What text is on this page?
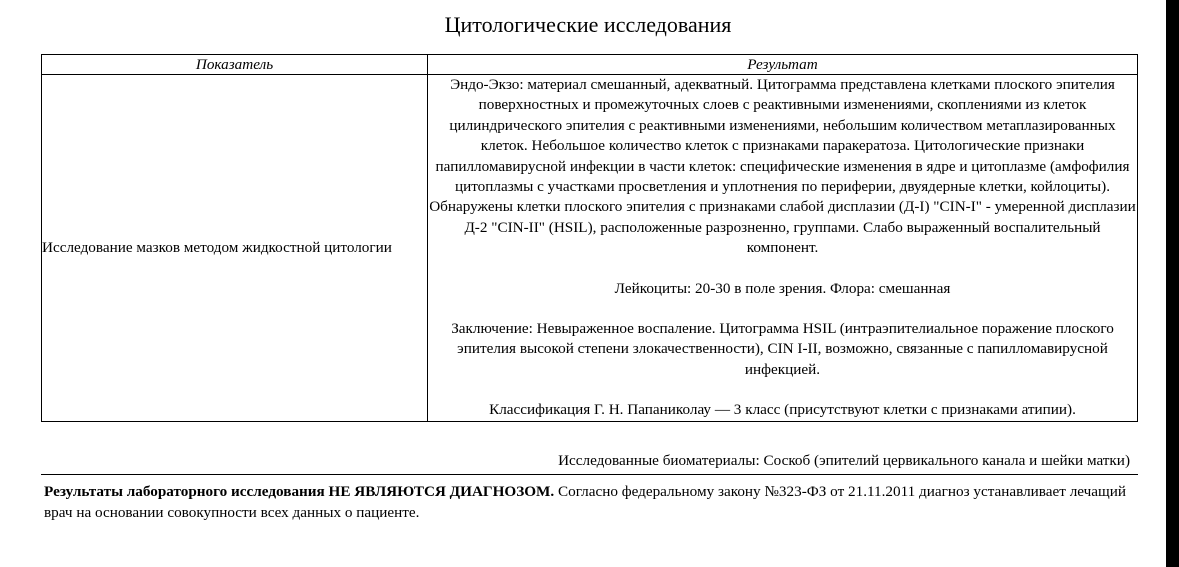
Цитологические исследования
Показатель	Результат
Исследование мазков методом жидкостной цитологии	Эндо-Экзо: материал смешанный, адекватный. Цитограмма представлена клетками плоского эпителия поверхностных и промежуточных слоев с реактивными изменениями, скоплениями из клеток цилиндрического эпителия с реактивными изменениями, небольшим количеством метаплазированных клеток. Небольшое количество клеток с признаками паракератоза. Цитологические признаки папилломавирусной инфекции в части клеток: специфические изменения в ядре и цитоплазме (амфофилия цитоплазмы с участками просветления и уплотнения по периферии, двуядерные клетки, койлоциты). Обнаружены клетки плоского эпителия с признаками слабой дисплазии (Д-I) "CIN-I" - умеренной дисплазии Д-2 "CIN-II" (HSIL), расположенные разрозненно, группами. Слабо выраженный воспалительный компонент.
Лейкоциты: 20-30 в поле зрения. Флора: смешанная
Заключение: Невыраженное воспаление. Цитограмма HSIL (интраэпителиальное поражение плоского эпителия высокой степени злокачественности), CIN I-II, возможно, связанные с папилломавирусной инфекцией.
Классификация Г. Н. Папаниколау — 3 класс (присутствуют клетки с признаками атипии).
Исследованные биоматериалы: Соскоб (эпителий цервикального канала и шейки матки)
Результаты лабораторного исследования НЕ ЯВЛЯЮТСЯ ДИАГНОЗОМ. Согласно федеральному закону №323-ФЗ от 21.11.2011 диагноз устанавливает лечащий врач на основании совокупности всех данных о пациенте.
